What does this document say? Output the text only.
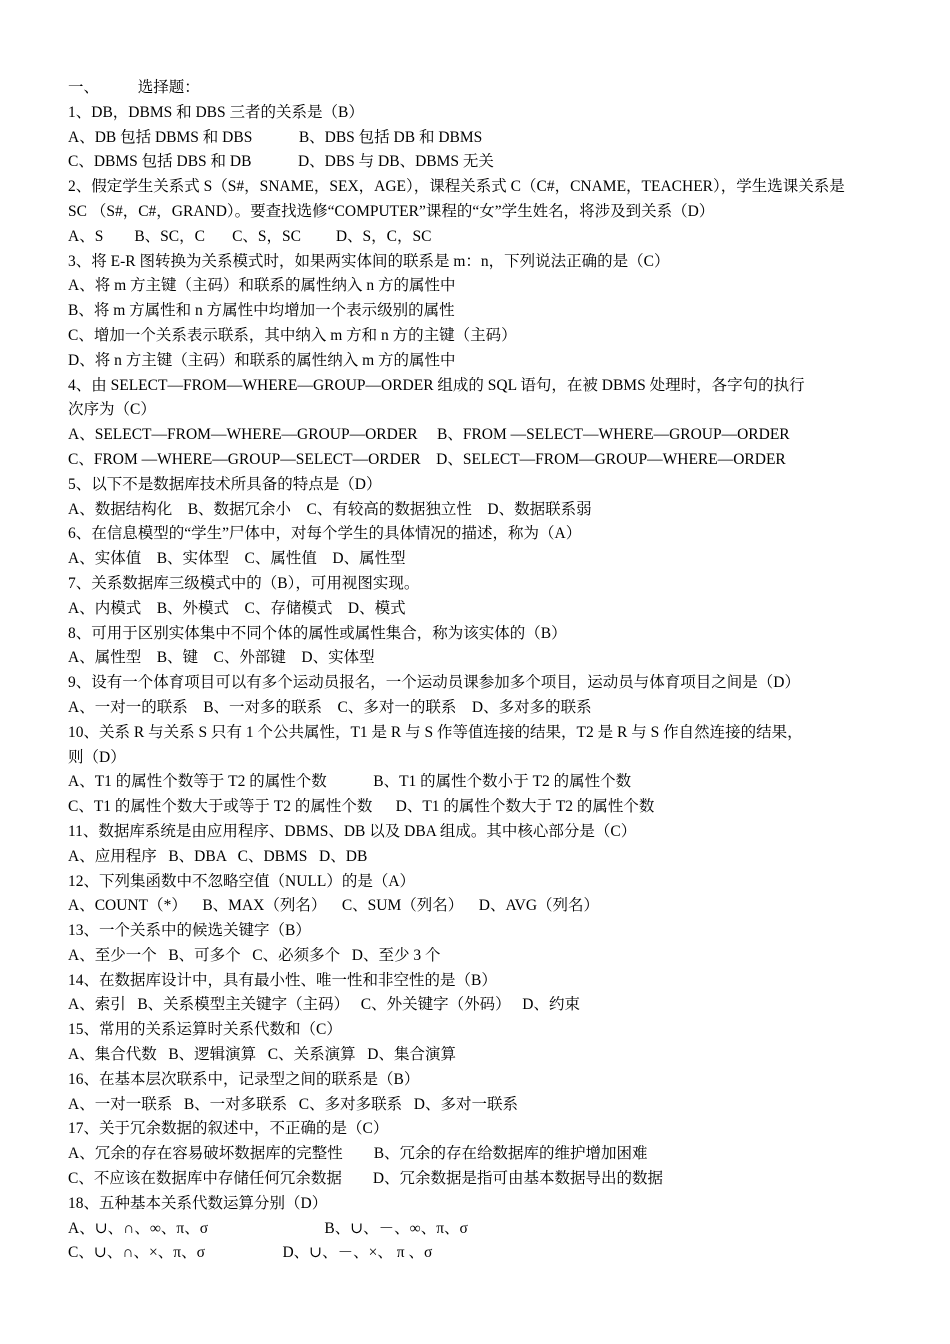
一、          选择题：

1、DB，DBMS 和 DBS 三者的关系是（B）

A、DB 包括 DBMS 和 DBS            B、DBS 包括 DB 和 DBMS

C、DBMS 包括 DBS 和 DB            D、DBS 与 DB、DBMS 无关

2、假定学生关系式 S（S#，SNAME，SEX，AGE），课程关系式 C（C#，CNAME，TEACHER），学生选课关系是

SC （S#，C#，GRAND）。要查找选修“COMPUTER”课程的“女”学生姓名，将涉及到关系（D）

A、S        B、SC，C       C、S，SC         D、S，C，SC

3、将 E-R 图转换为关系模式时，如果两实体间的联系是 m：n，下列说法正确的是（C）

A、将 m 方主键（主码）和联系的属性纳入 n 方的属性中

B、将 m 方属性和 n 方属性中均增加一个表示级别的属性

C、增加一个关系表示联系，其中纳入 m 方和 n 方的主键（主码）

D、将 n 方主键（主码）和联系的属性纳入 m 方的属性中

4、由 SELECT—FROM—WHERE—GROUP—ORDER 组成的 SQL 语句，在被 DBMS 处理时，各字句的执行

次序为（C）

A、SELECT—FROM—WHERE—GROUP—ORDER     B、FROM —SELECT—WHERE—GROUP—ORDER

C、FROM —WHERE—GROUP—SELECT—ORDER    D、SELECT—FROM—GROUP—WHERE—ORDER

5、以下不是数据库技术所具备的特点是（D）

A、数据结构化    B、数据冗余小    C、有较高的数据独立性    D、数据联系弱

6、在信息模型的“学生”尸体中，对每个学生的具体情况的描述，称为（A）

A、实体值    B、实体型    C、属性值    D、属性型

7、关系数据库三级模式中的（B），可用视图实现。

A、内模式    B、外模式    C、存储模式    D、模式

8、可用于区别实体集中不同个体的属性或属性集合，称为该实体的（B）

A、属性型    B、键    C、外部键    D、实体型

9、设有一个体育项目可以有多个运动员报名，一个运动员课参加多个项目，运动员与体育项目之间是（D）

A、一对一的联系    B、一对多的联系    C、多对一的联系    D、多对多的联系

10、关系 R 与关系 S 只有 1 个公共属性，T1 是 R 与 S 作等值连接的结果，T2 是 R 与 S 作自然连接的结果，

则（D）

A、T1 的属性个数等于 T2 的属性个数            B、T1 的属性个数小于 T2 的属性个数

C、T1 的属性个数大于或等于 T2 的属性个数      D、T1 的属性个数大于 T2 的属性个数

11、数据库系统是由应用程序、DBMS、DB 以及 DBA 组成。其中核心部分是（C）

A、应用程序   B、DBA   C、DBMS   D、DB

12、下列集函数中不忽略空值（NULL）的是（A）

A、COUNT（*）    B、MAX（列名）    C、SUM（列名）    D、AVG（列名）

13、一个关系中的候选关键字（B）

A、至少一个   B、可多个   C、必须多个   D、至少 3 个

14、在数据库设计中，具有最小性、唯一性和非空性的是（B）

A、索引   B、关系模型主关键字（主码）   C、外关键字（外码）   D、约束

15、常用的关系运算时关系代数和（C）

A、集合代数   B、逻辑演算   C、关系演算   D、集合演算

16、在基本层次联系中，记录型之间的联系是（B）

A、一对一联系   B、一对多联系   C、多对多联系   D、多对一联系

17、关于冗余数据的叙述中，不正确的是（C）

A、冗余的存在容易破坏数据库的完整性        B、冗余的存在给数据库的维护增加困难

C、不应该在数据库中存储任何冗余数据        D、冗余数据是指可由基本数据导出的数据

18、五种基本关系代数运算分别（D）

A、∪、∩、∞、π、σ                              B、∪、－、∞、π、σ

C、∪、∩、×、π、σ                    D、∪、－、×、 π 、σ
